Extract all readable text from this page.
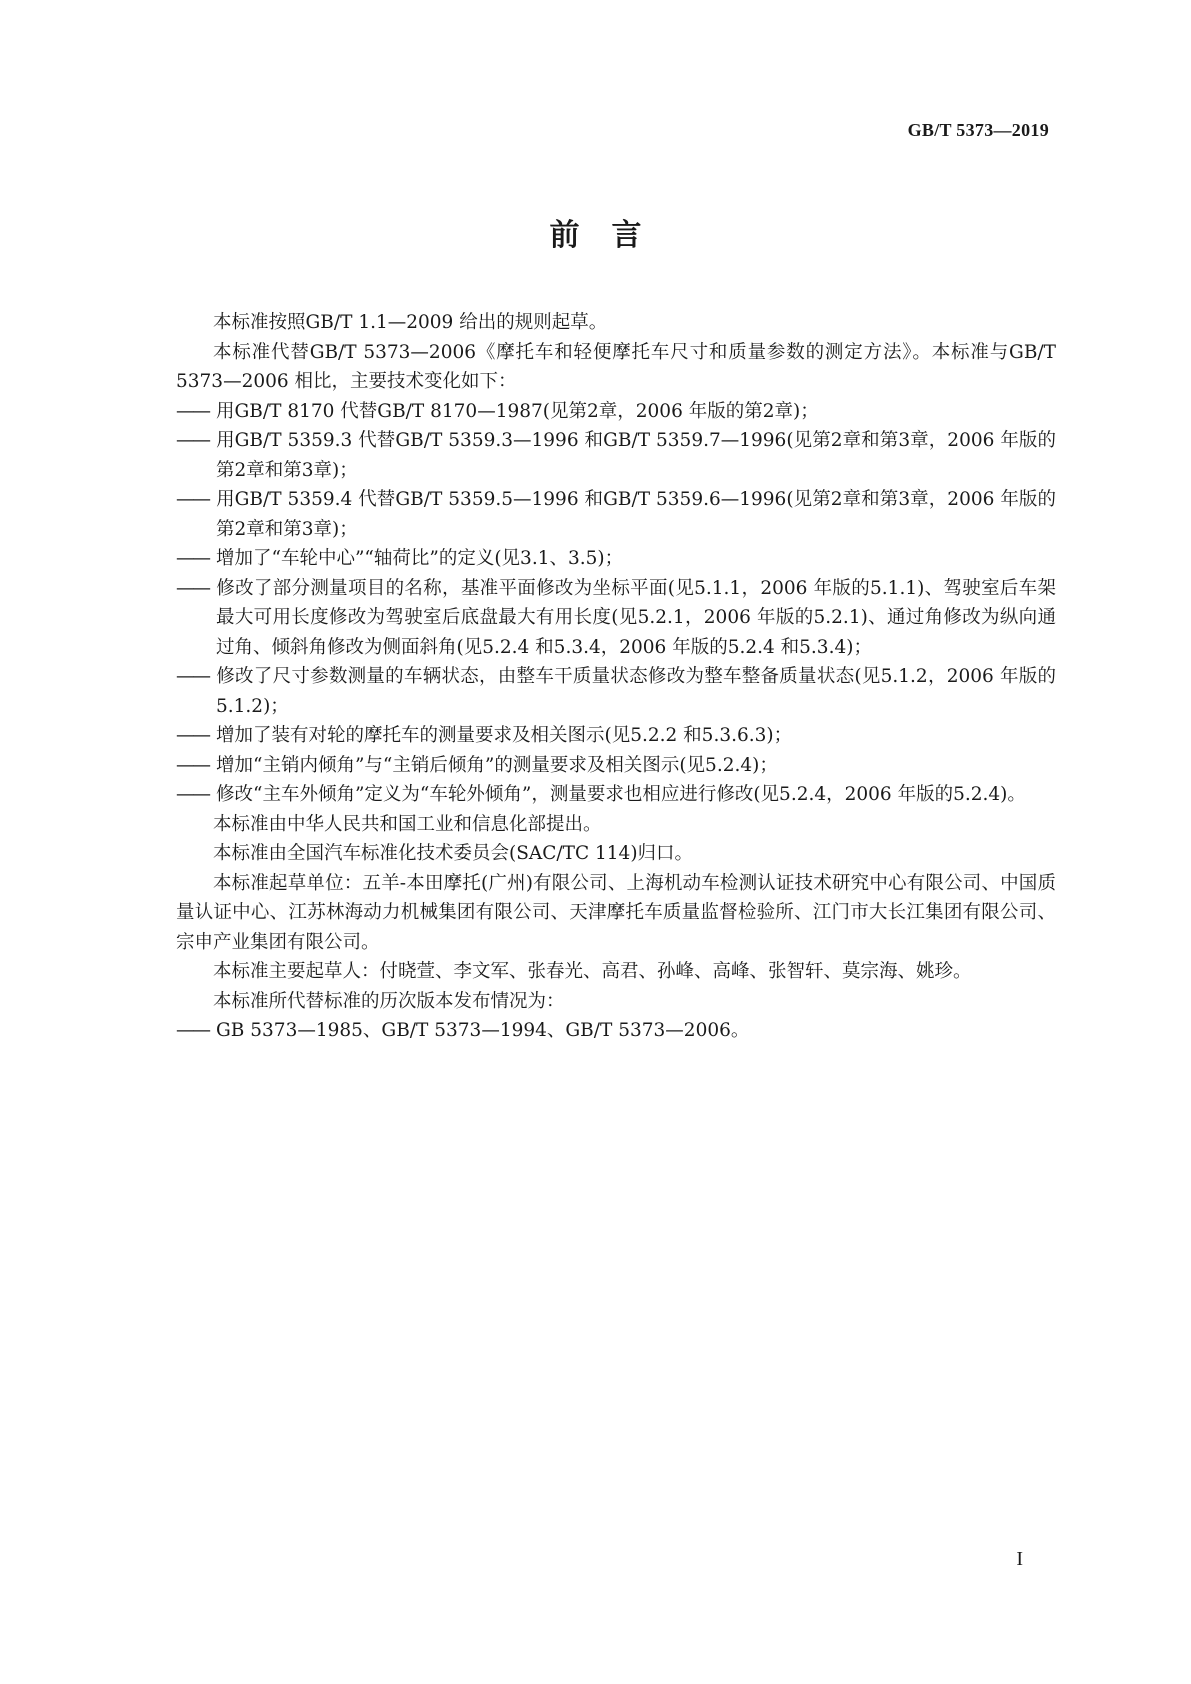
GB/T 5373—2019
前言

本标准按照GB/T 1.1—2009 给出的规则起草。

本标准代替GB/T 5373—2006《摩托车和轻便摩托车尺寸和质量参数的测定方法》。本标准与GB/T 5373—2006 相比，主要技术变化如下：

—— 用GB/T 8170 代替GB/T 8170—1987(见第2章，2006 年版的第2章)；

—— 用GB/T 5359.3 代替GB/T 5359.3—1996 和GB/T 5359.7—1996(见第2章和第3章，2006 年版的第2章和第3章)；

—— 用GB/T 5359.4 代替GB/T 5359.5—1996 和GB/T 5359.6—1996(见第2章和第3章，2006 年版的第2章和第3章)；

—— 增加了“车轮中心”“轴荷比”的定义(见3.1、3.5)；

—— 修改了部分测量项目的名称，基准平面修改为坐标平面(见5.1.1，2006 年版的5.1.1)、驾驶室后车架最大可用长度修改为驾驶室后底盘最大有用长度(见5.2.1，2006 年版的5.2.1)、通过角修改为纵向通过角、倾斜角修改为侧面斜角(见5.2.4 和5.3.4，2006 年版的5.2.4 和5.3.4)；

—— 修改了尺寸参数测量的车辆状态，由整车干质量状态修改为整车整备质量状态(见5.1.2，2006 年版的5.1.2)；

—— 增加了装有对轮的摩托车的测量要求及相关图示(见5.2.2 和5.3.6.3)；

—— 增加“主销内倾角”与“主销后倾角”的测量要求及相关图示(见5.2.4)；

—— 修改“主车外倾角”定义为“车轮外倾角”，测量要求也相应进行修改(见5.2.4，2006 年版的5.2.4)。

本标准由中华人民共和国工业和信息化部提出。

本标准由全国汽车标准化技术委员会(SAC/TC 114)归口。

本标准起草单位：五羊-本田摩托(广州)有限公司、上海机动车检测认证技术研究中心有限公司、中国质量认证中心、江苏林海动力机械集团有限公司、天津摩托车质量监督检验所、江门市大长江集团有限公司、宗申产业集团有限公司。

本标准主要起草人：付晓萱、李文军、张春光、高君、孙峰、高峰、张智轩、莫宗海、姚珍。

本标准所代替标准的历次版本发布情况为：

—— GB 5373—1985、GB/T 5373—1994、GB/T 5373—2006。

I
